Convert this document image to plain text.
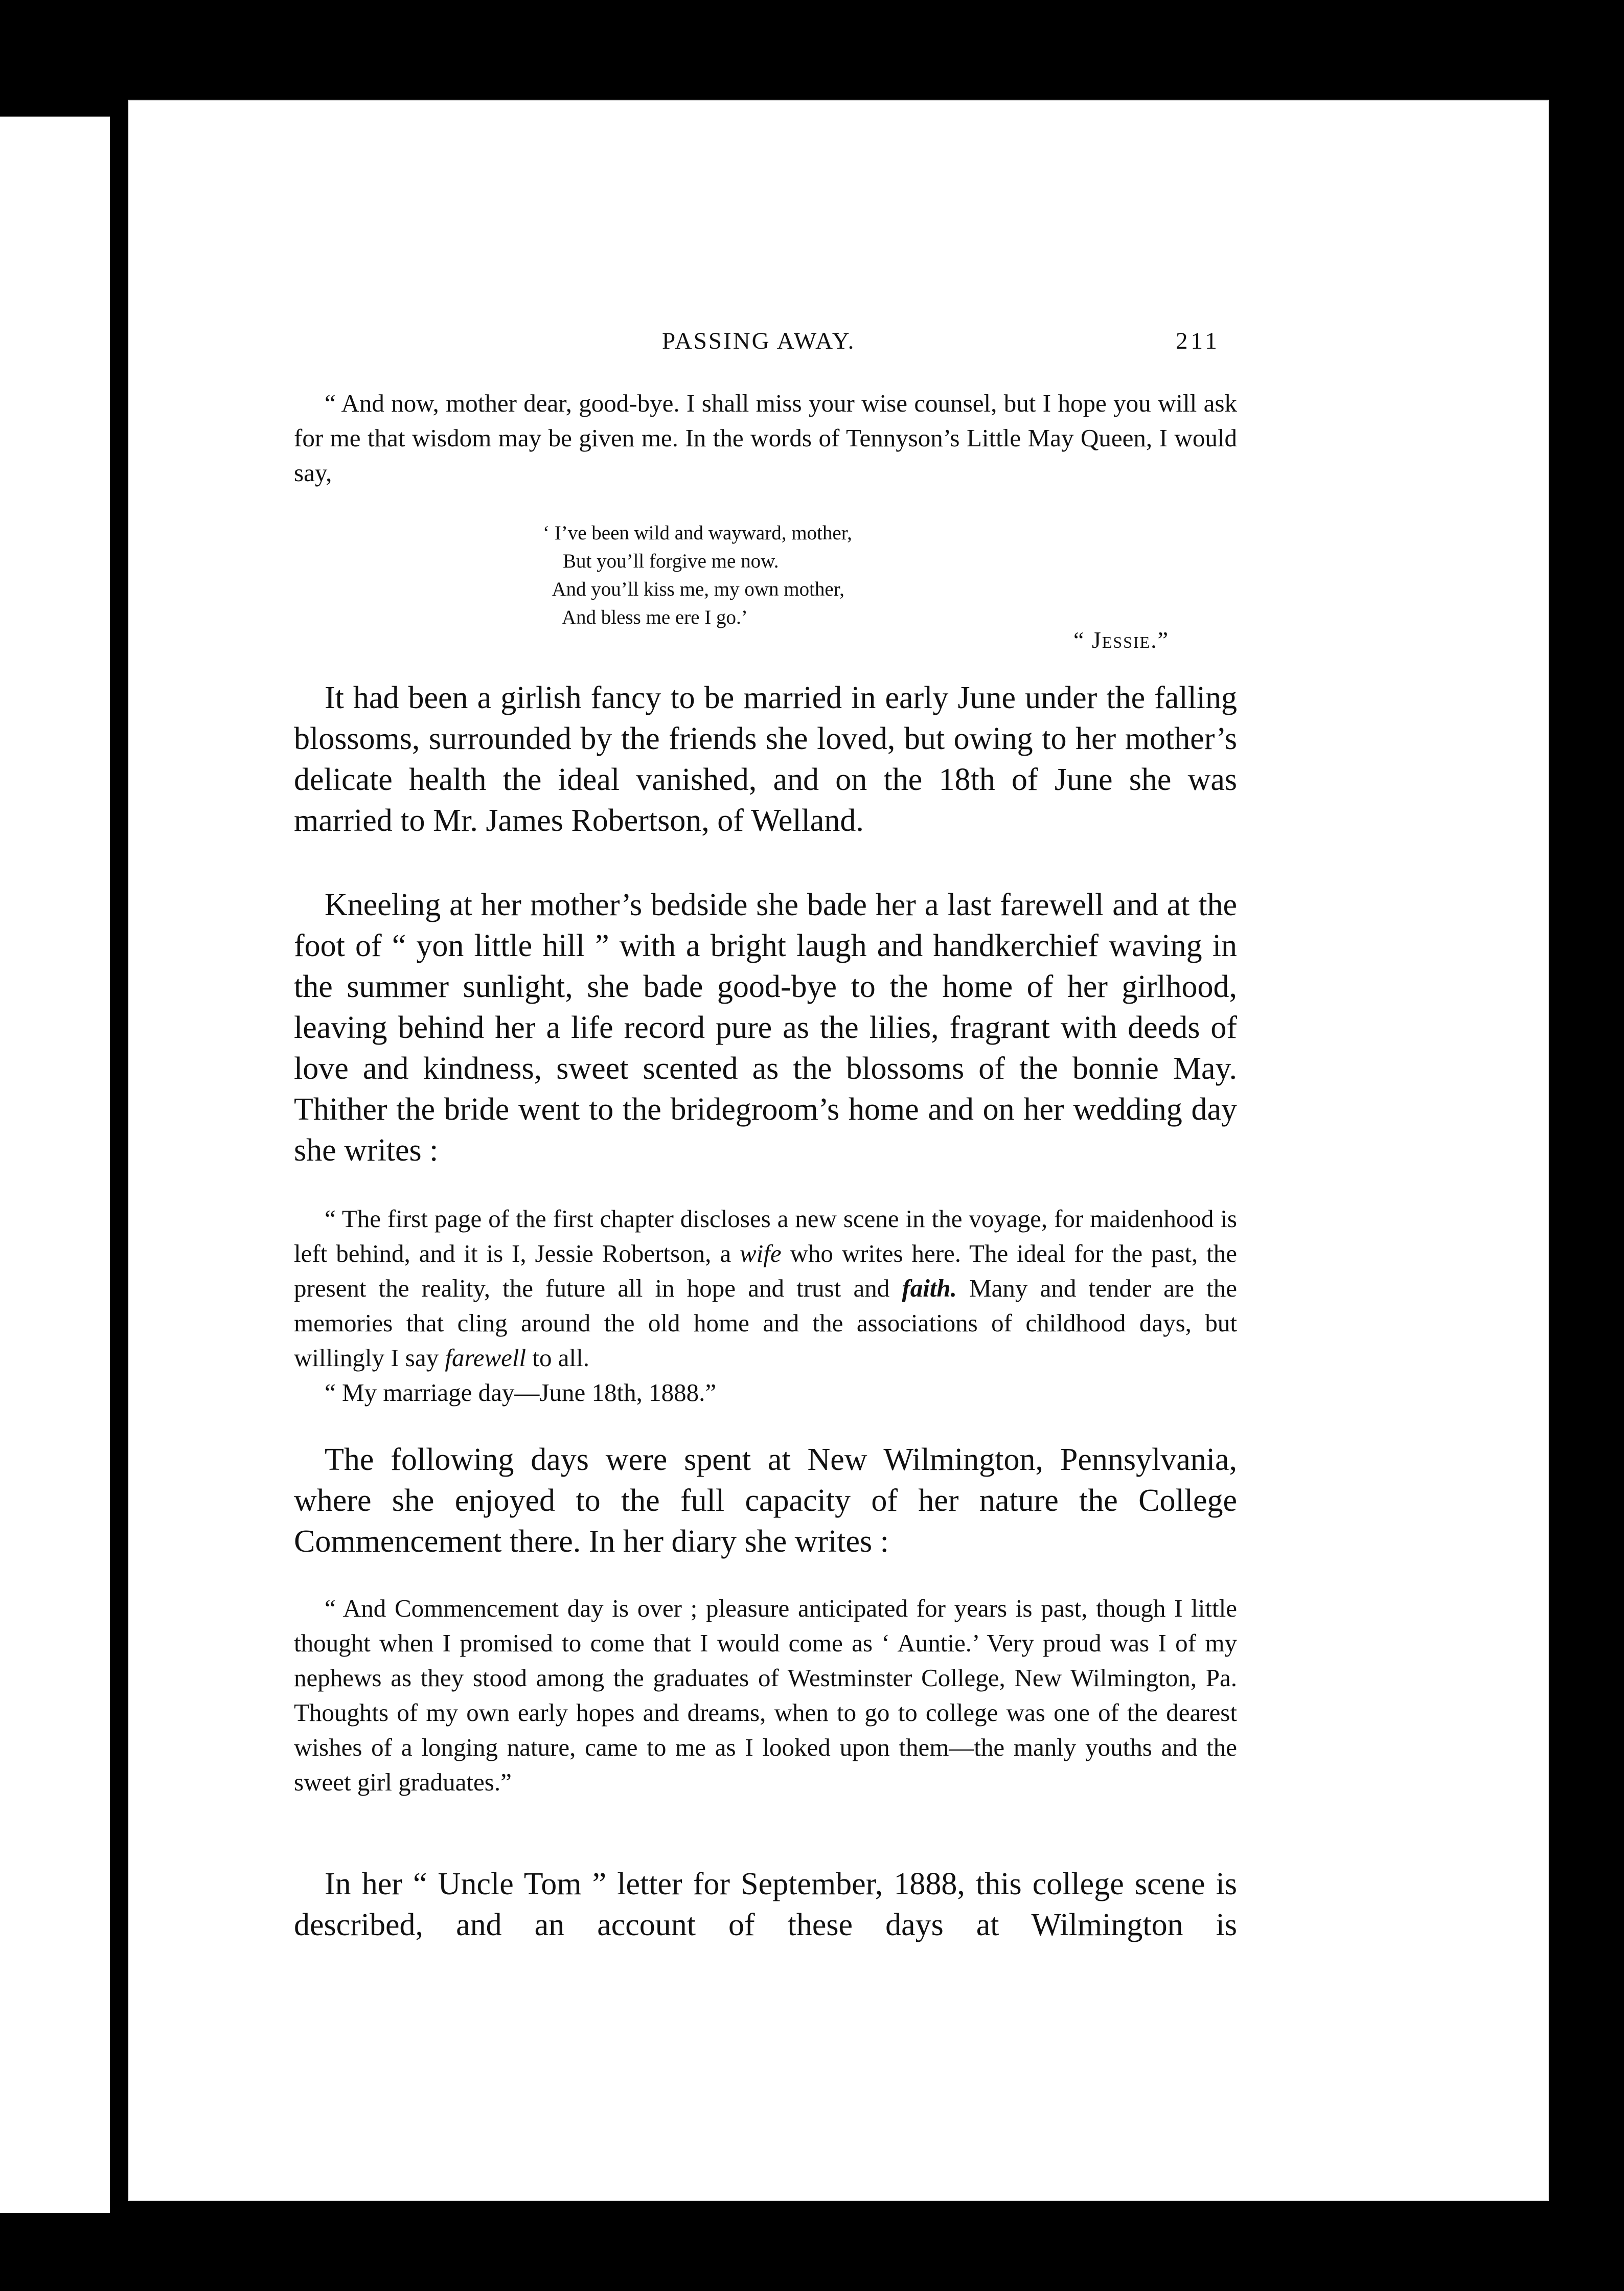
PASSING AWAY.	211

“ And now, mother dear, good-bye. I shall miss your wise counsel, but I hope you will ask for me that wisdom may be given me. In the words of Tennyson’s Little May Queen, I would say,

‘ I’ve been wild and wayward, mother,
But you’ll forgive me now.
And you’ll kiss me, my own mother,
And bless me ere I go.’
“ Jessie.”

It had been a girlish fancy to be married in early June under the falling blossoms, surrounded by the friends she loved, but owing to her mother’s delicate health the ideal vanished, and on the 18th of June she was married to Mr. James Robertson, of Welland.

Kneeling at her mother’s bedside she bade her a last farewell and at the foot of “ yon little hill ” with a bright laugh and handkerchief waving in the summer sunlight, she bade good-bye to the home of her girlhood, leaving behind her a life record pure as the lilies, fragrant with deeds of love and kindness, sweet scented as the blossoms of the bonnie May. Thither the bride went to the bridegroom’s home and on her wedding day she writes :

“ The first page of the first chapter discloses a new scene in the voyage, for maidenhood is left behind, and it is I, Jessie Robertson, a wife who writes here. The ideal for the past, the present the reality, the future all in hope and trust and faith. Many and tender are the memories that cling around the old home and the associations of childhood days, but willingly I say farewell to all.

“ My marriage day—June 18th, 1888.”

The following days were spent at New Wilmington, Pennsylvania, where she enjoyed to the full capacity of her nature the College Commencement there. In her diary she writes :

“ And Commencement day is over ; pleasure anticipated for years is past, though I little thought when I promised to come that I would come as ‘ Auntie.’ Very proud was I of my nephews as they stood among the graduates of Westminster College, New Wilmington, Pa. Thoughts of my own early hopes and dreams, when to go to college was one of the dearest wishes of a longing nature, came to me as I looked upon them—the manly youths and the sweet girl graduates.”

In her “ Uncle Tom ” letter for September, 1888, this college scene is described, and an account of these days at Wilmington is
